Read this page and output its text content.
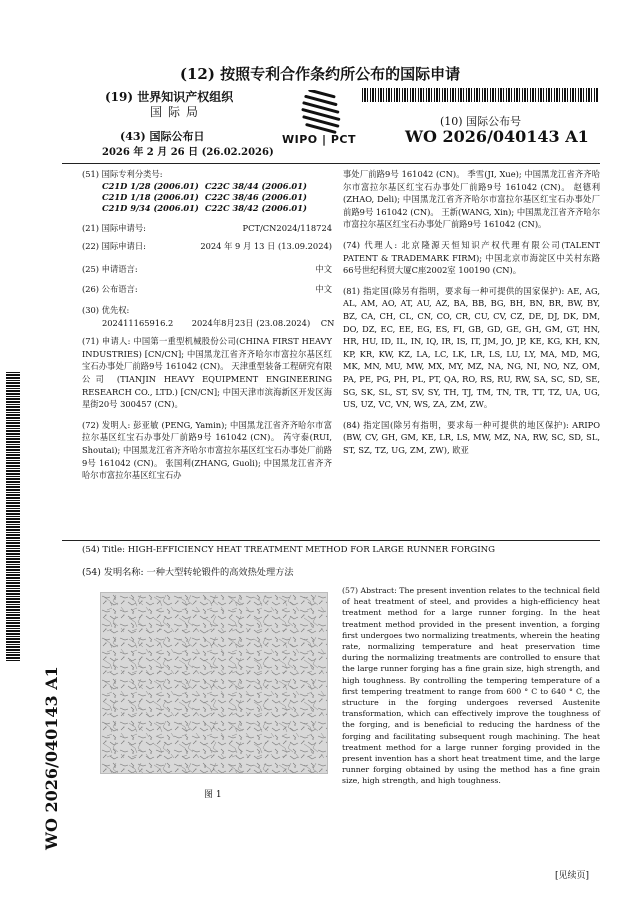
(12) 按照专利合作条约所公布的国际申请
(19) 世界知识产权组织
国际局
WIPO | PCT
(10) 国际公布号
WO 2026/040143 A1
(43) 国际公布日
2026 年 2 月 26 日 (26.02.2026)
(51) 国际专利分类号:
C21D 1/28 (2006.01)	C22C 38/44 (2006.01)
C21D 1/18 (2006.01)	C22C 38/46 (2006.01)
C21D 9/34 (2006.01)	C22C 38/42 (2006.01)
(21) 国际申请号:	PCT/CN2024/118724
(22) 国际申请日:	2024 年 9 月 13 日 (13.09.2024)
(25) 申请语言:	中文
(26) 公布语言:	中文
(30) 优先权:
202411165916.2       2024年8月23日 (23.08.2024)    CN
(71) 申请人: 中国第一重型机械股份公司(CHINA FIRST HEAVY INDUSTRIES) [CN/CN]; 中国黑龙江省齐齐哈尔市富拉尔基区红宝石办事处厂前路9号 161042 (CN)。 天津重型装备工程研究有限公司 (TIANJIN HEAVY EQUIPMENT ENGINEERING RESEARCH CO., LTD.) [CN/CN]; 中国天津市滨海新区开发区海星街20号 300457 (CN)。
(72) 发明人: 彭亚敏 (PENG, Yamin); 中国黑龙江省齐齐哈尔市富拉尔基区红宝石办事处厂前路9号 161042 (CN)。 芮守泰(RUI, Shoutai); 中国黑龙江省齐齐哈尔市富拉尔基区红宝石办事处厂前路9号 161042 (CN)。 张国利(ZHANG, Guoli); 中国黑龙江省齐齐哈尔市富拉尔基区红宝石办
事处厂前路9号 161042 (CN)。 季雪(JI, Xue); 中国黑龙江省齐齐哈尔市富拉尔基区红宝石办事处厂前路9号 161042 (CN)。 赵德利(ZHAO, Deli); 中国黑龙江省齐齐哈尔市富拉尔基区红宝石办事处厂前路9号 161042 (CN)。 王新(WANG, Xin); 中国黑龙江省齐齐哈尔市富拉尔基区红宝石办事处厂前路9号 161042 (CN)。
(74) 代理人: 北京隆源天恒知识产权代理有限公司(TALENT PATENT & TRADEMARK FIRM); 中国北京市海淀区中关村东路66号世纪科贸大厦C座2002室 100190 (CN)。
(81) 指定国(除另有指明，要求每一种可提供的国家保护): AE, AG, AL, AM, AO, AT, AU, AZ, BA, BB, BG, BH, BN, BR, BW, BY, BZ, CA, CH, CL, CN, CO, CR, CU, CV, CZ, DE, DJ, DK, DM, DO, DZ, EC, EE, EG, ES, FI, GB, GD, GE, GH, GM, GT, HN, HR, HU, ID, IL, IN, IQ, IR, IS, IT, JM, JO, JP, KE, KG, KH, KN, KP, KR, KW, KZ, LA, LC, LK, LR, LS, LU, LY, MA, MD, MG, MK, MN, MU, MW, MX, MY, MZ, NA, NG, NI, NO, NZ, OM, PA, PE, PG, PH, PL, PT, QA, RO, RS, RU, RW, SA, SC, SD, SE, SG, SK, SL, ST, SV, SY, TH, TJ, TM, TN, TR, TT, TZ, UA, UG, US, UZ, VC, VN, WS, ZA, ZM, ZW。
(84) 指定国(除另有指明，要求每一种可提供的地区保护): ARIPO (BW, CV, GH, GM, KE, LR, LS, MW, MZ, NA, RW, SC, SD, SL, ST, SZ, TZ, UG, ZM, ZW), 欧亚
(54) Title: HIGH-EFFICIENCY HEAT TREATMENT METHOD FOR LARGE RUNNER FORGING
(54) 发明名称: 一种大型转轮锻件的高效热处理方法
WO 2026/040143 A1	图 1
(57) Abstract: The present invention relates to the technical field of heat treatment of steel, and provides a high-efficiency heat treatment method for a large runner forging. In the heat treatment method provided in the present invention, a forging first undergoes two normalizing treatments, wherein the heating rate, normalizing temperature and heat preservation time during the normalizing treatments are controlled to ensure that the large runner forging has a fine grain size, high strength, and high toughness. By controlling the tempering temperature of a first tempering treatment to range from 600 ° C to 640 ° C, the structure in the forging undergoes reversed Austenite transformation, which can effectively improve the toughness of the forging, and is beneficial to reducing the hardness of the forging and facilitating subsequent rough machining. The heat treatment method for a large runner forging provided in the present invention has a short heat treatment time, and the large runner forging obtained by using the method has a fine grain size, high strength, and high toughness.
[见续页]
